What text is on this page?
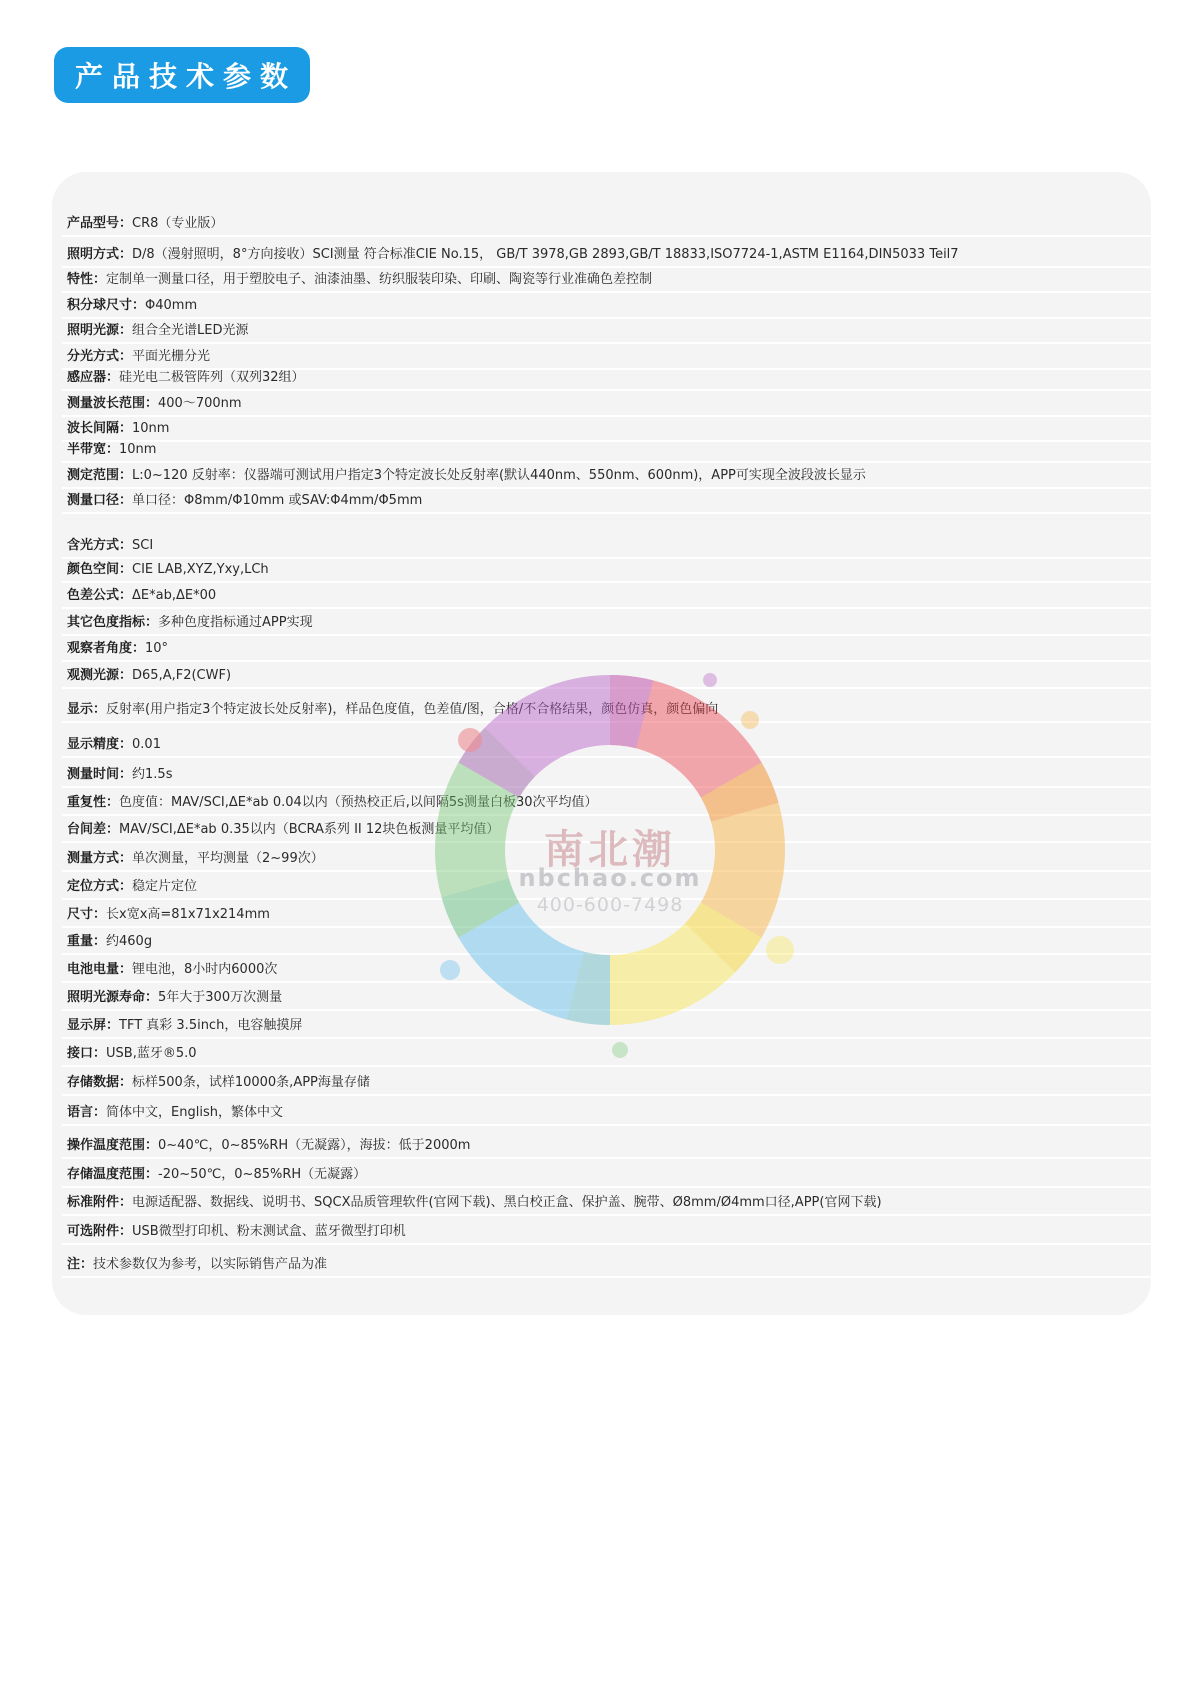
产品技术参数
产品型号： CR8（专业版）
照明方式： D/8（漫射照明，8°方向接收）SCI测量 符合标准CIE No.15， GB/T 3978,GB 2893,GB/T 18833,ISO7724-1,ASTM E1164,DIN5033 Teil7
特性： 定制单一测量口径，用于塑胶电子、油漆油墨、纺织服装印染、印刷、陶瓷等行业准确色差控制
积分球尺寸： Φ40mm
照明光源： 组合全光谱LED光源
分光方式： 平面光栅分光
感应器： 硅光电二极管阵列（双列32组）
测量波长范围： 400～700nm
波长间隔： 10nm
半带宽： 10nm
测定范围： L:0~120 反射率：仪器端可测试用户指定3个特定波长处反射率(默认440nm、550nm、600nm)，APP可实现全波段波长显示
测量口径： 单口径：Φ8mm/Φ10mm 或SAV:Φ4mm/Φ5mm
含光方式： SCI
颜色空间： CIE LAB,XYZ,Yxy,LCh
色差公式： ΔE*ab,ΔE*00
其它色度指标： 多种色度指标通过APP实现
观察者角度： 10°
观测光源： D65,A,F2(CWF)
显示： 反射率(用户指定3个特定波长处反射率)，样品色度值，色差值/图，合格/不合格结果，颜色仿真，颜色偏向
显示精度： 0.01
测量时间： 约1.5s
重复性： 色度值：MAV/SCI,ΔE*ab 0.04以内（预热校正后,以间隔5s测量白板30次平均值）
台间差： MAV/SCI,ΔE*ab 0.35以内（BCRA系列 II 12块色板测量平均值）
测量方式： 单次测量，平均测量（2~99次）
定位方式： 稳定片定位
尺寸： 长x宽x高=81x71x214mm
重量： 约460g
电池电量： 锂电池，8小时内6000次
照明光源寿命： 5年大于300万次测量
显示屏： TFT 真彩 3.5inch，电容触摸屏
接口： USB,蓝牙®5.0
存储数据： 标样500条，试样10000条,APP海量存储
语言： 简体中文，English，繁体中文
操作温度范围： 0~40℃，0~85%RH（无凝露），海拔：低于2000m
存储温度范围： -20~50℃，0~85%RH（无凝露）
标准附件： 电源适配器、数据线、说明书、SQCX品质管理软件(官网下载)、黑白校正盒、保护盖、腕带、Ø8mm/Ø4mm口径,APP(官网下载)
可选附件： USB微型打印机、粉末测试盒、蓝牙微型打印机
注： 技术参数仅为参考，以实际销售产品为准
南北潮
nbchao.com
400-600-7498
